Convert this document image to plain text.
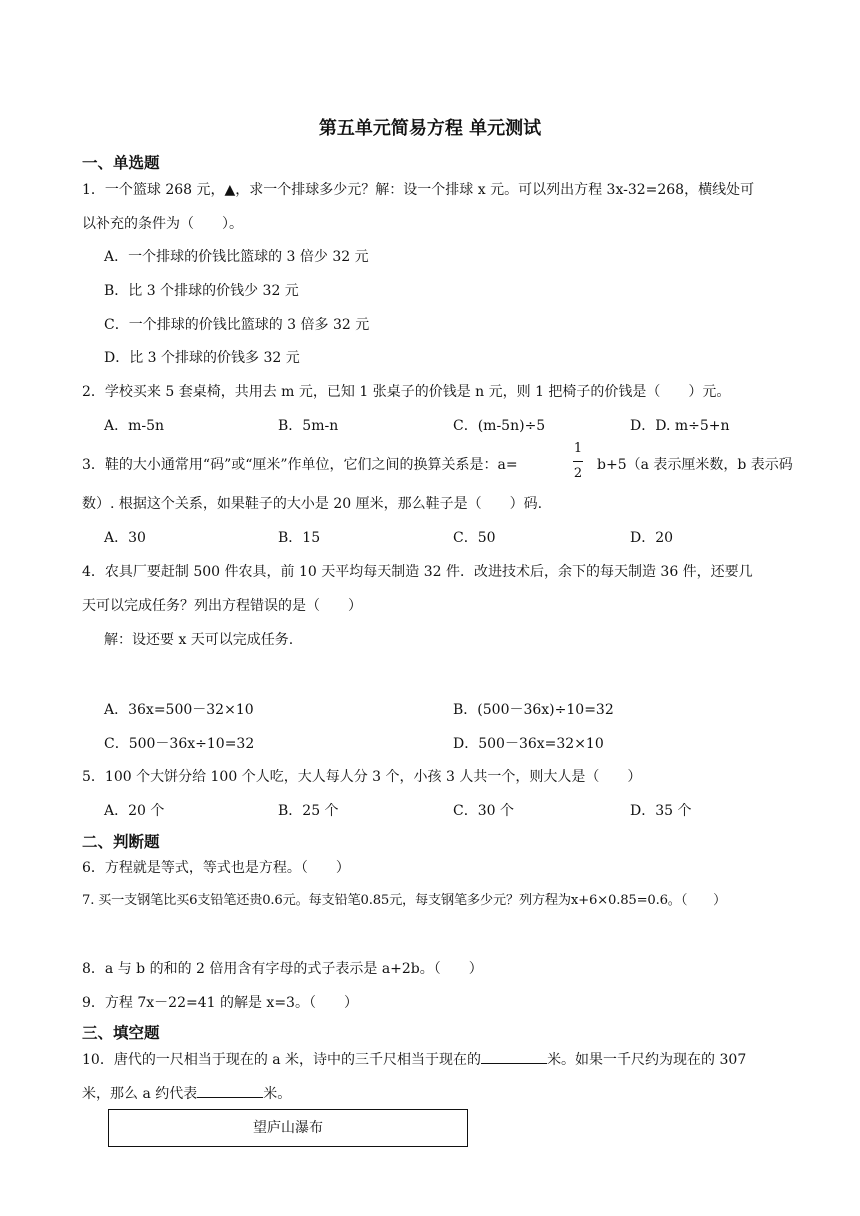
第五单元简易方程 单元测试
一、单选题
1．一个篮球 268 元，▲，求一个排球多少元？解：设一个排球 x 元。可以列出方程 3x-32=268，横线处可
以补充的条件为（　　）。
A．一个排球的价钱比篮球的 3 倍少 32 元
B．比 3 个排球的价钱少 32 元
C．一个排球的价钱比篮球的 3 倍多 32 元
D．比 3 个排球的价钱多 32 元
2．学校买来 5 套桌椅，共用去 m 元，已知 1 张桌子的价钱是 n 元，则 1 把椅子的价钱是（　　）元。
A．m-5n	B．5m-n	C．(m-5n)÷5	D．D. m÷5+n
3．鞋的大小通常用“码”或“厘米”作单位，它们之间的换算关系是：a=
1
2
b+5（a 表示厘米数，b 表示码
数）. 根据这个关系，如果鞋子的大小是 20 厘米，那么鞋子是（　　）码.
A．30	B．15	C．50	D．20
4．农具厂要赶制 500 件农具，前 10 天平均每天制造 32 件．改进技术后，余下的每天制造 36 件，还要几
天可以完成任务？列出方程错误的是（　　）
解：设还要 x 天可以完成任务.
A．36x=500－32×10	B．(500－36x)÷10=32
C．500－36x÷10=32	D．500－36x=32×10
5．100 个大饼分给 100 个人吃，大人每人分 3 个，小孩 3 人共一个，则大人是（　　）
A．20 个	B．25 个	C．30 个	D．35 个
二、判断题
6．方程就是等式，等式也是方程。（　　）
7. 买一支钢笔比买6支铅笔还贵0.6元。每支铅笔0.85元，每支钢笔多少元？列方程为x+6×0.85=0.6。（　　）
8．a 与 b 的和的 2 倍用含有字母的式子表示是 a+2b。（　　）
9．方程 7x－22=41 的解是 x=3。（　　）
三、填空题
10．唐代的一尺相当于现在的 a 米，诗中的三千尺相当于现在的	米。如果一千尺约为现在的 307
米，那么 a 约代表	米。
望庐山瀑布
